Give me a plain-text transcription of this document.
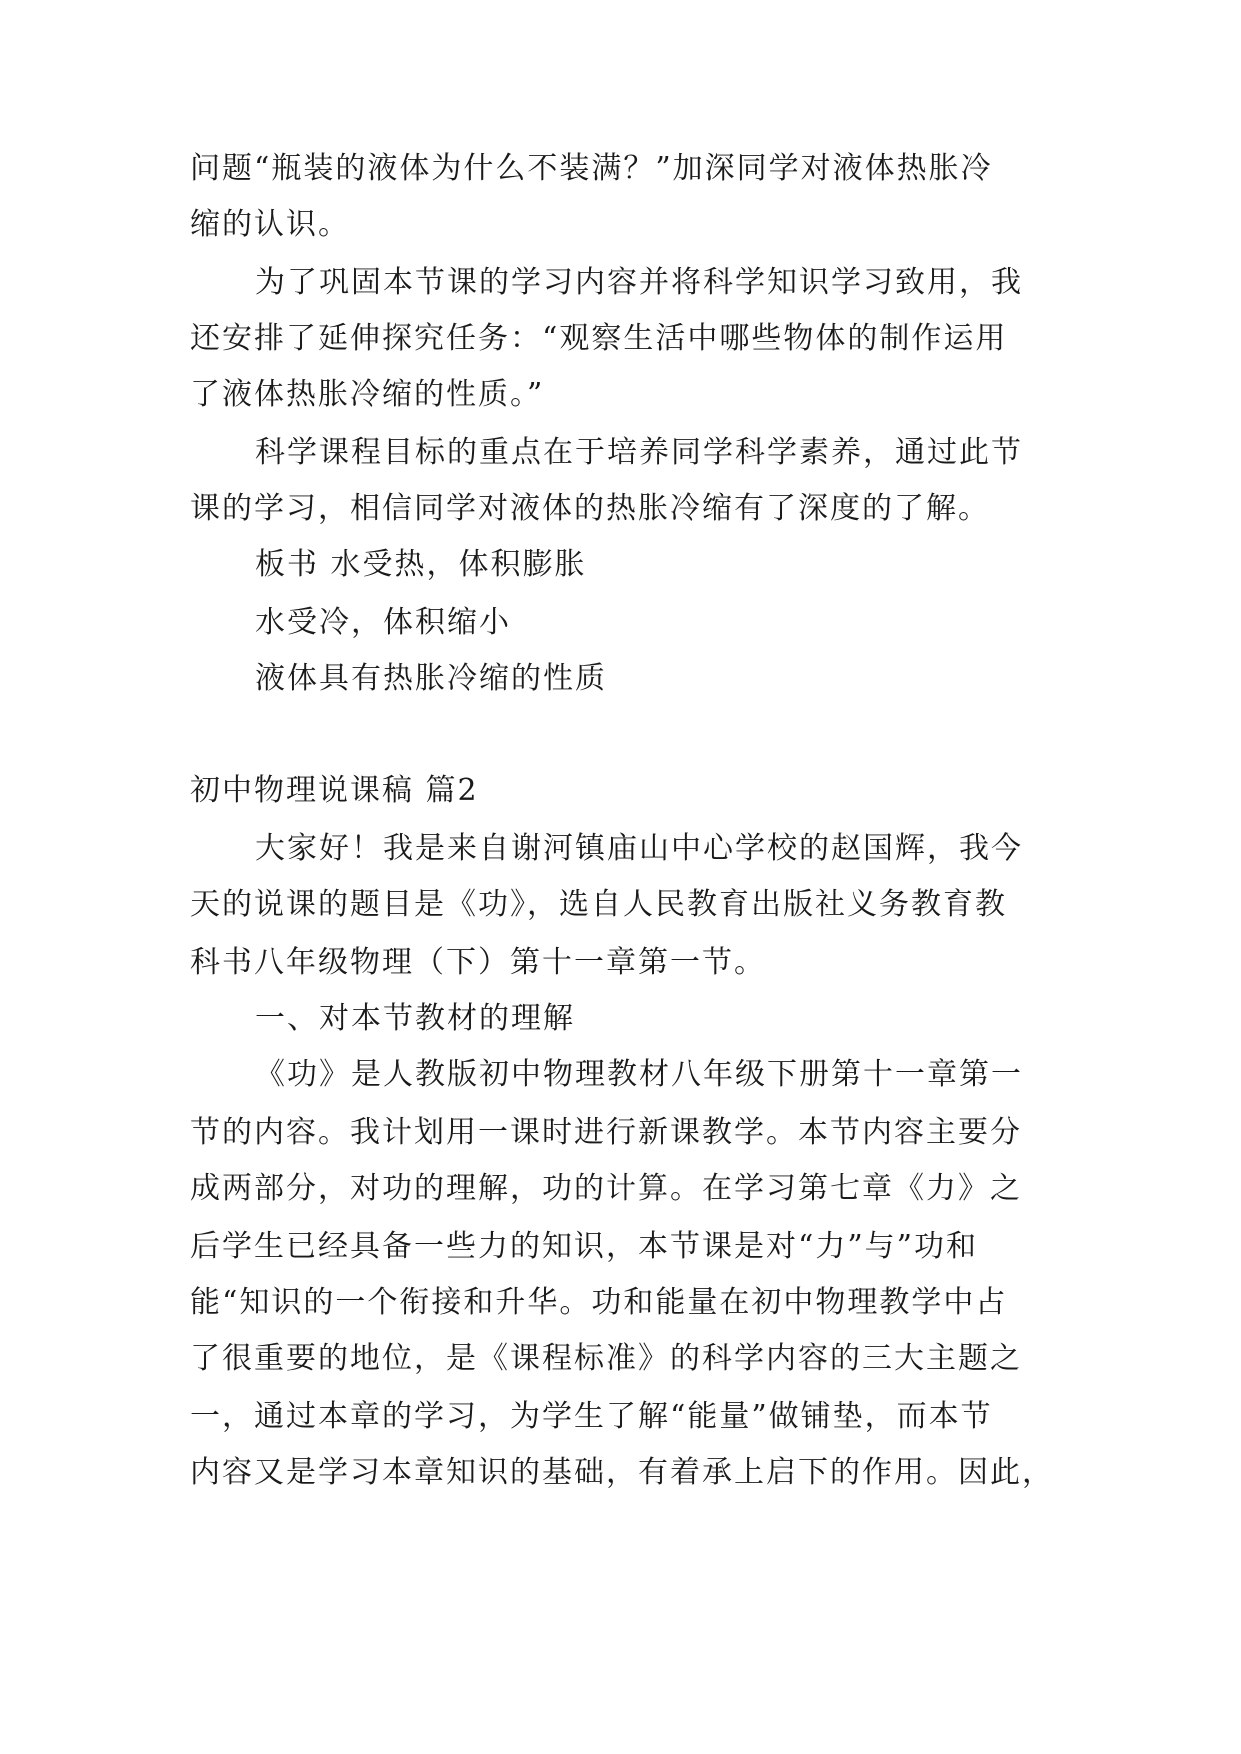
问题“瓶装的液体为什么不装满？”加深同学对液体热胀冷
缩的认识。
为了巩固本节课的学习内容并将科学知识学习致用，我
还安排了延伸探究任务：“观察生活中哪些物体的制作运用
了液体热胀冷缩的性质。”
科学课程目标的重点在于培养同学科学素养，通过此节
课的学习，相信同学对液体的热胀冷缩有了深度的了解。
板书 水受热，体积膨胀
水受冷，体积缩小
液体具有热胀冷缩的性质
初中物理说课稿 篇2
大家好！我是来自谢河镇庙山中心学校的赵国辉，我今
天的说课的题目是《功》，选自人民教育出版社义务教育教
科书八年级物理（下）第十一章第一节。
一、对本节教材的理解
《功》是人教版初中物理教材八年级下册第十一章第一
节的内容。我计划用一课时进行新课教学。本节内容主要分
成两部分，对功的理解，功的计算。在学习第七章《力》之
后学生已经具备一些力的知识，本节课是对“力”与”功和
能“知识的一个衔接和升华。功和能量在初中物理教学中占
了很重要的地位，是《课程标准》的科学内容的三大主题之
一，通过本章的学习，为学生了解“能量”做铺垫，而本节
内容又是学习本章知识的基础，有着承上启下的作用。因此，
